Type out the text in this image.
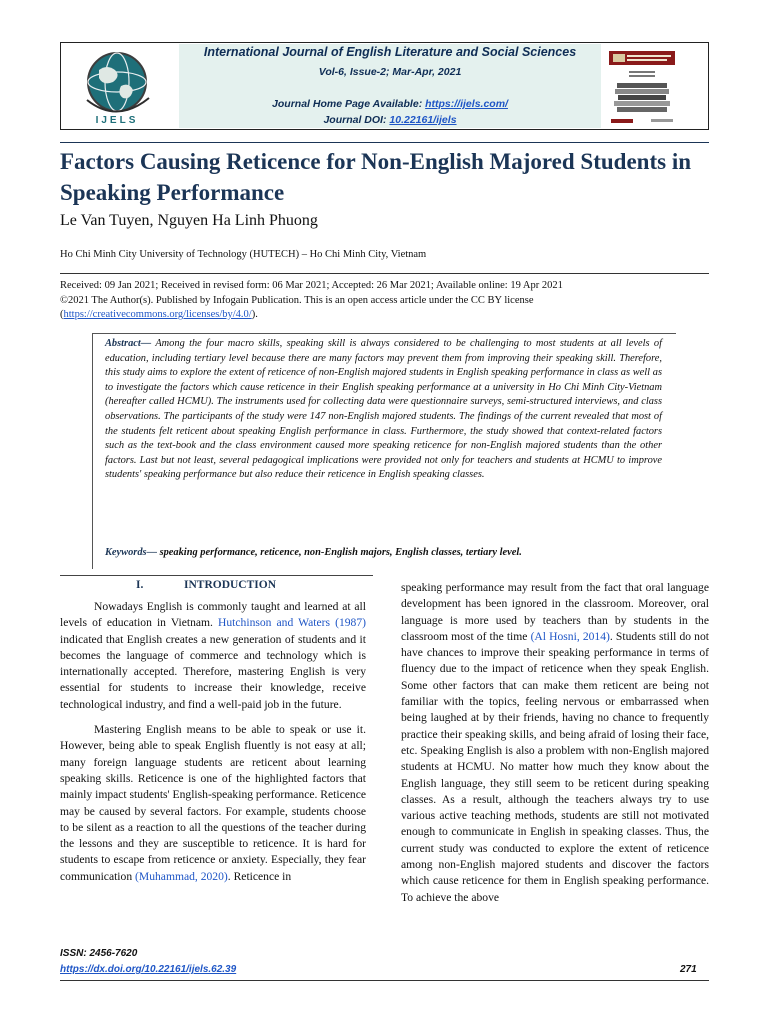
IJELS
International Journal of English Literature and Social Sciences
Vol-6, Issue-2; Mar-Apr, 2021
Journal Home Page Available: https://ijels.com/
Journal DOI: 10.22161/ijels
Factors Causing Reticence for Non-English Majored Students in Speaking Performance
Le Van Tuyen, Nguyen Ha Linh Phuong
Ho Chi Minh City University of Technology (HUTECH) – Ho Chi Minh City, Vietnam
Received: 09 Jan 2021; Received in revised form: 06 Mar 2021; Accepted: 26 Mar 2021; Available online: 19 Apr 2021
©2021 The Author(s). Published by Infogain Publication. This is an open access article under the CC BY license
(https://creativecommons.org/licenses/by/4.0/).
Abstract— Among the four macro skills, speaking skill is always considered to be challenging to most students at all levels of education, including tertiary level because there are many factors may prevent them from improving their speaking skill. Therefore, this study aims to explore the extent of reticence of non-English majored students in English speaking performance in class as well as to investigate the factors which cause reticence in their English speaking performance at a university in Ho Chi Minh City-Vietnam (hereafter called HCMU). The instruments used for collecting data were questionnaire surveys, semi-structured interviews, and class observations. The participants of the study were 147 non-English majored students. The findings of the current revealed that most of the students felt reticent about speaking English performance in class. Furthermore, the study showed that context-related factors such as the text-book and the class environment caused more speaking reticence for non-English majored students than the other factors. Last but not least, several pedagogical implications were provided not only for teachers and students at HCMU to improve students' speaking performance but also reduce their reticence in English speaking classes.
Keywords— speaking performance, reticence, non-English majors, English classes, tertiary level.
I.	INTRODUCTION

Nowadays English is commonly taught and learned at all levels of education in Vietnam. Hutchinson and Waters (1987) indicated that English creates a new generation of students and it becomes the language of commerce and technology which is internationally accepted. Therefore, mastering English is very essential for students to increase their knowledge, receive technological industry, and find a well-paid job in the future.

Mastering English means to be able to speak or use it. However, being able to speak English fluently is not easy at all; many foreign language students are reticent about learning speaking skills. Reticence is one of the highlighted factors that mainly impact students' English-speaking performance. Reticence may be caused by several factors. For example, students choose to be silent as a reaction to all the questions of the teacher during the lessons and they are susceptible to reticence. It is hard for students to escape from reticence or anxiety. Especially, they fear communication (Muhammad, 2020). Reticence in

speaking performance may result from the fact that oral language development has been ignored in the classroom. Moreover, oral language is more used by teachers than by students in the classroom most of the time (Al Hosni, 2014). Students still do not have chances to improve their speaking performance in terms of fluency due to the impact of reticence when they speak English. Some other factors that can make them reticent are being not familiar with the topics, feeling nervous or embarrassed when being laughed at by their friends, having no chance to frequently practice their speaking skills, and being afraid of losing their face, etc. Speaking English is also a problem with non-English majored students at HCMU. No matter how much they know about the English language, they still seem to be reticent during speaking classes. As a result, although the teachers always try to use various active teaching methods, students are still not motivated enough to communicate in English in speaking classes. Thus, the current study was conducted to explore the extent of reticence among non-English majored students and discover the factors which cause reticence for them in English speaking performance. To achieve the above

ISSN: 2456-7620
https://dx.doi.org/10.22161/ijels.62.39	271
